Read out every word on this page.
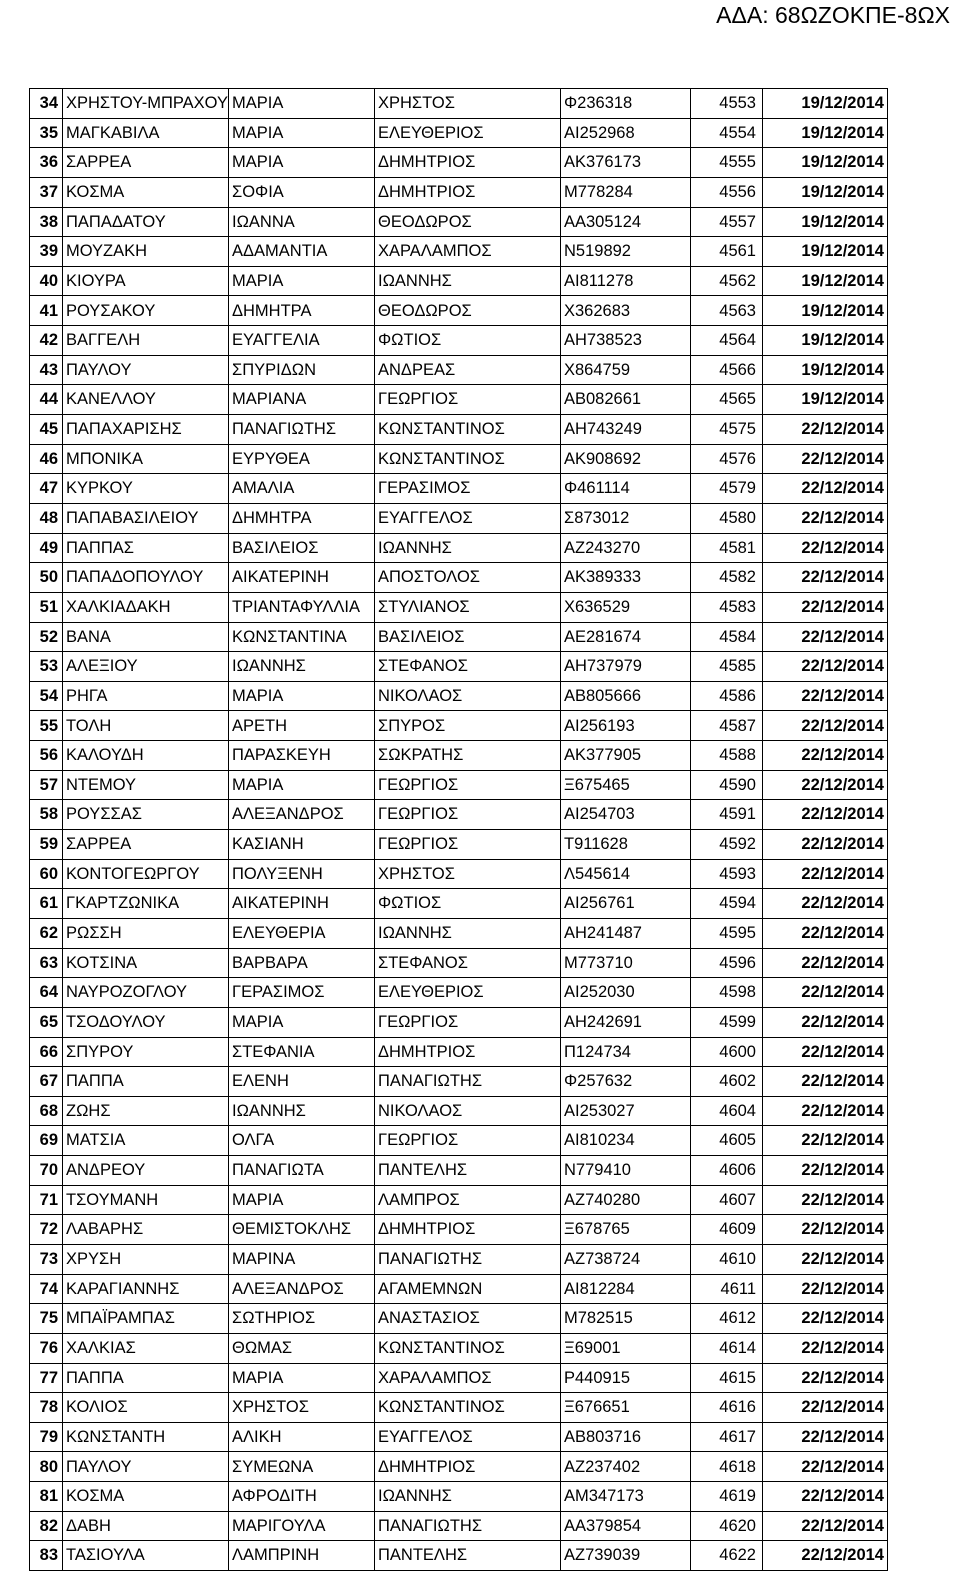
ΑΔΑ: 68ΩΖΟΚΠΕ-8ΩΧ
34	ΧΡΗΣΤΟΥ-ΜΠΡΑΧΟΥ	ΜΑΡΙΑ	ΧΡΗΣΤΟΣ	Φ236318	4553	19/12/2014
35	ΜΑΓΚΑΒΙΛΑ	ΜΑΡΙΑ	ΕΛΕΥΘΕΡΙΟΣ	ΑΙ252968	4554	19/12/2014
36	ΣΑΡΡΕΑ	ΜΑΡΙΑ	ΔΗΜΗΤΡΙΟΣ	ΑΚ376173	4555	19/12/2014
37	ΚΟΣΜΑ	ΣΟΦΙΑ	ΔΗΜΗΤΡΙΟΣ	Μ778284	4556	19/12/2014
38	ΠΑΠΑΔΑΤΟΥ	ΙΩΑΝΝΑ	ΘΕΟΔΩΡΟΣ	ΑΑ305124	4557	19/12/2014
39	ΜΟΥΖΑΚΗ	ΑΔΑΜΑΝΤΙΑ	ΧΑΡΑΛΑΜΠΟΣ	Ν519892	4561	19/12/2014
40	ΚΙΟΥΡΑ	ΜΑΡΙΑ	ΙΩΑΝΝΗΣ	ΑΙ811278	4562	19/12/2014
41	ΡΟΥΣΑΚΟΥ	ΔΗΜΗΤΡΑ	ΘΕΟΔΩΡΟΣ	Χ362683	4563	19/12/2014
42	ΒΑΓΓΕΛΗ	ΕΥΑΓΓΕΛΙΑ	ΦΩΤΙΟΣ	ΑΗ738523	4564	19/12/2014
43	ΠΑΥΛΟΥ	ΣΠΥΡΙΔΩΝ	ΑΝΔΡΕΑΣ	Χ864759	4566	19/12/2014
44	ΚΑΝΕΛΛΟΥ	ΜΑΡΙΑΝΑ	ΓΕΩΡΓΙΟΣ	ΑΒ082661	4565	19/12/2014
45	ΠΑΠΑΧΑΡΙΣΗΣ	ΠΑΝΑΓΙΩΤΗΣ	ΚΩΝΣΤΑΝΤΙΝΟΣ	ΑΗ743249	4575	22/12/2014
46	ΜΠΟΝΙΚΑ	ΕΥΡΥΘΕΑ	ΚΩΝΣΤΑΝΤΙΝΟΣ	ΑΚ908692	4576	22/12/2014
47	ΚΥΡΚΟΥ	ΑΜΑΛΙΑ	ΓΕΡΑΣΙΜΟΣ	Φ461114	4579	22/12/2014
48	ΠΑΠΑΒΑΣΙΛΕΙΟΥ	ΔΗΜΗΤΡΑ	ΕΥΑΓΓΕΛΟΣ	Σ873012	4580	22/12/2014
49	ΠΑΠΠΑΣ	ΒΑΣΙΛΕΙΟΣ	ΙΩΑΝΝΗΣ	ΑΖ243270	4581	22/12/2014
50	ΠΑΠΑΔΟΠΟΥΛΟΥ	ΑΙΚΑΤΕΡΙΝΗ	ΑΠΟΣΤΟΛΟΣ	ΑΚ389333	4582	22/12/2014
51	ΧΑΛΚΙΑΔΑΚΗ	ΤΡΙΑΝΤΑΦΥΛΛΙΑ	ΣΤΥΛΙΑΝΟΣ	Χ636529	4583	22/12/2014
52	ΒΑΝΑ	ΚΩΝΣΤΑΝΤΙΝΑ	ΒΑΣΙΛΕΙΟΣ	ΑΕ281674	4584	22/12/2014
53	ΑΛΕΞΙΟΥ	ΙΩΑΝΝΗΣ	ΣΤΕΦΑΝΟΣ	ΑΗ737979	4585	22/12/2014
54	ΡΗΓΑ	ΜΑΡΙΑ	ΝΙΚΟΛΑΟΣ	ΑΒ805666	4586	22/12/2014
55	ΤΟΛΗ	ΑΡΕΤΗ	ΣΠΥΡΟΣ	ΑΙ256193	4587	22/12/2014
56	ΚΑΛΟΥΔΗ	ΠΑΡΑΣΚΕΥΗ	ΣΩΚΡΑΤΗΣ	ΑΚ377905	4588	22/12/2014
57	ΝΤΕΜΟΥ	ΜΑΡΙΑ	ΓΕΩΡΓΙΟΣ	Ξ675465	4590	22/12/2014
58	ΡΟΥΣΣΑΣ	ΑΛΕΞΑΝΔΡΟΣ	ΓΕΩΡΓΙΟΣ	ΑΙ254703	4591	22/12/2014
59	ΣΑΡΡΕΑ	ΚΑΣΙΑΝΗ	ΓΕΩΡΓΙΟΣ	Τ911628	4592	22/12/2014
60	ΚΟΝΤΟΓΕΩΡΓΟΥ	ΠΟΛΥΞΕΝΗ	ΧΡΗΣΤΟΣ	Λ545614	4593	22/12/2014
61	ΓΚΑΡΤΖΩΝΙΚΑ	ΑΙΚΑΤΕΡΙΝΗ	ΦΩΤΙΟΣ	ΑΙ256761	4594	22/12/2014
62	ΡΩΣΣΗ	ΕΛΕΥΘΕΡΙΑ	ΙΩΑΝΝΗΣ	ΑΗ241487	4595	22/12/2014
63	ΚΟΤΣΙΝΑ	ΒΑΡΒΑΡΑ	ΣΤΕΦΑΝΟΣ	Μ773710	4596	22/12/2014
64	ΝΑΥΡΟΖΟΓΛΟΥ	ΓΕΡΑΣΙΜΟΣ	ΕΛΕΥΘΕΡΙΟΣ	ΑΙ252030	4598	22/12/2014
65	ΤΣΟΔΟΥΛΟΥ	ΜΑΡΙΑ	ΓΕΩΡΓΙΟΣ	ΑΗ242691	4599	22/12/2014
66	ΣΠΥΡΟΥ	ΣΤΕΦΑΝΙΑ	ΔΗΜΗΤΡΙΟΣ	Π124734	4600	22/12/2014
67	ΠΑΠΠΑ	ΕΛΕΝΗ	ΠΑΝΑΓΙΩΤΗΣ	Φ257632	4602	22/12/2014
68	ΖΩΗΣ	ΙΩΑΝΝΗΣ	ΝΙΚΟΛΑΟΣ	ΑΙ253027	4604	22/12/2014
69	ΜΑΤΣΙΑ	ΟΛΓΑ	ΓΕΩΡΓΙΟΣ	ΑΙ810234	4605	22/12/2014
70	ΑΝΔΡΕΟΥ	ΠΑΝΑΓΙΩΤΑ	ΠΑΝΤΕΛΗΣ	Ν779410	4606	22/12/2014
71	ΤΣΟΥΜΑΝΗ	ΜΑΡΙΑ	ΛΑΜΠΡΟΣ	ΑΖ740280	4607	22/12/2014
72	ΛΑΒΑΡΗΣ	ΘΕΜΙΣΤΟΚΛΗΣ	ΔΗΜΗΤΡΙΟΣ	Ξ678765	4609	22/12/2014
73	ΧΡΥΣΗ	ΜΑΡΙΝΑ	ΠΑΝΑΓΙΩΤΗΣ	ΑΖ738724	4610	22/12/2014
74	ΚΑΡΑΓΙΑΝΝΗΣ	ΑΛΕΞΑΝΔΡΟΣ	ΑΓΑΜΕΜΝΩΝ	ΑΙ812284	4611	22/12/2014
75	ΜΠΑΪΡΑΜΠΑΣ	ΣΩΤΗΡΙΟΣ	ΑΝΑΣΤΑΣΙΟΣ	Μ782515	4612	22/12/2014
76	ΧΑΛΚΙΑΣ	ΘΩΜΑΣ	ΚΩΝΣΤΑΝΤΙΝΟΣ	Ξ69001	4614	22/12/2014
77	ΠΑΠΠΑ	ΜΑΡΙΑ	ΧΑΡΑΛΑΜΠΟΣ	Ρ440915	4615	22/12/2014
78	ΚΟΛΙΟΣ	ΧΡΗΣΤΟΣ	ΚΩΝΣΤΑΝΤΙΝΟΣ	Ξ676651	4616	22/12/2014
79	ΚΩΝΣΤΑΝΤΗ	ΑΛΙΚΗ	ΕΥΑΓΓΕΛΟΣ	ΑΒ803716	4617	22/12/2014
80	ΠΑΥΛΟΥ	ΣΥΜΕΩΝΑ	ΔΗΜΗΤΡΙΟΣ	ΑΖ237402	4618	22/12/2014
81	ΚΟΣΜΑ	ΑΦΡΟΔΙΤΗ	ΙΩΑΝΝΗΣ	ΑΜ347173	4619	22/12/2014
82	ΔΑΒΗ	ΜΑΡΙΓΟΥΛΑ	ΠΑΝΑΓΙΩΤΗΣ	ΑΑ379854	4620	22/12/2014
83	ΤΑΣΙΟΥΛΑ	ΛΑΜΠΡΙΝΗ	ΠΑΝΤΕΛΗΣ	ΑΖ739039	4622	22/12/2014
